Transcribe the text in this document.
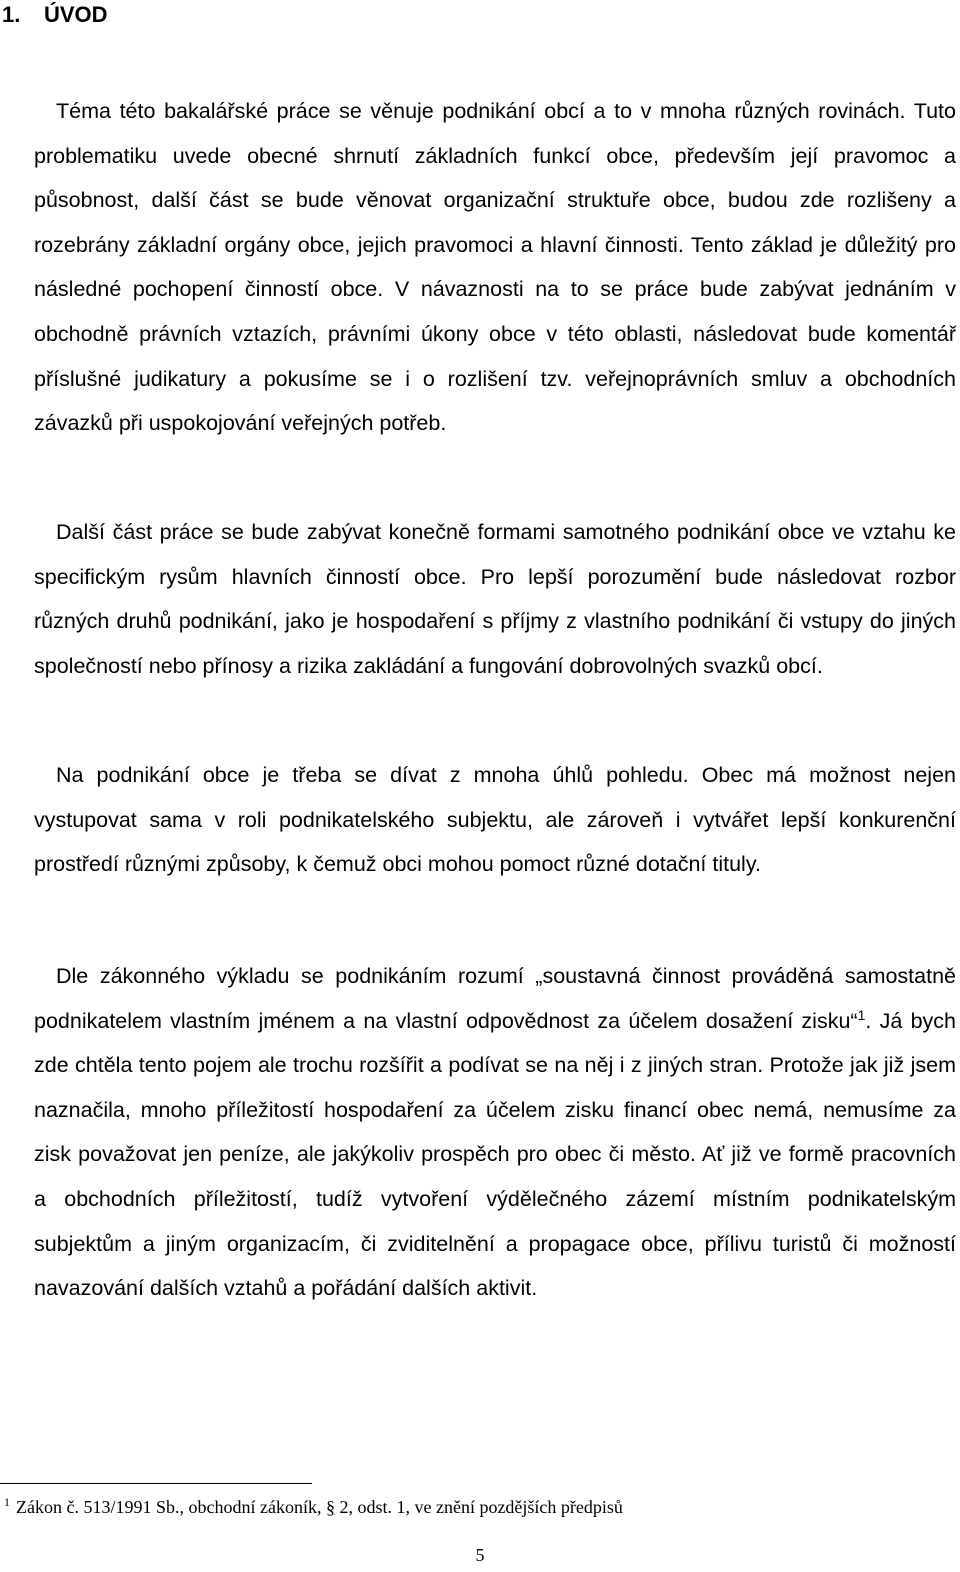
1. ÚVOD

Téma této bakalářské práce se věnuje podnikání obcí a to v mnoha různých rovinách. Tuto problematiku uvede obecné shrnutí základních funkcí obce, především její pravomoc a působnost, další část se bude věnovat organizační struktuře obce, budou zde rozlišeny a rozebrány základní orgány obce, jejich pravomoci a hlavní činnosti. Tento základ je důležitý pro následné pochopení činností obce. V návaznosti na to se práce bude zabývat jednáním v obchodně právních vztazích, právními úkony obce v této oblasti, následovat bude komentář příslušné judikatury a pokusíme se i o rozlišení tzv. veřejnoprávních smluv a obchodních závazků při uspokojování veřejných potřeb.

Další část práce se bude zabývat konečně formami samotného podnikání obce ve vztahu ke specifickým rysům hlavních činností obce. Pro lepší porozumění bude následovat rozbor různých druhů podnikání, jako je hospodaření s příjmy z vlastního podnikání či vstupy do jiných společností nebo přínosy a rizika zakládání a fungování dobrovolných svazků obcí.

Na podnikání obce je třeba se dívat z mnoha úhlů pohledu. Obec má možnost nejen vystupovat sama v roli podnikatelského subjektu, ale zároveň i vytvářet lepší konkurenční prostředí různými způsoby, k čemuž obci mohou pomoct různé dotační tituly.

Dle zákonného výkladu se podnikáním rozumí „soustavná činnost prováděná samostatně podnikatelem vlastním jménem a na vlastní odpovědnost za účelem dosažení zisku“$^1$. Já bych zde chtěla tento pojem ale trochu rozšířit a podívat se na něj i z jiných stran. Protože jak již jsem naznačila, mnoho příležitostí hospodaření za účelem zisku financí obec nemá, nemusíme za zisk považovat jen peníze, ale jakýkoliv prospěch pro obec či město. Ať již ve formě pracovních a obchodních příležitostí, tudíž vytvoření výdělečného zázemí místním podnikatelským subjektům a jiným organizacím, či zviditelnění a propagace obce, přílivu turistů či možností navazování dalších vztahů a pořádání dalších aktivit.

$^1$ Zákon č. 513/1991 Sb., obchodní zákoník, § 2, odst. 1, ve znění pozdějších předpisů

5
